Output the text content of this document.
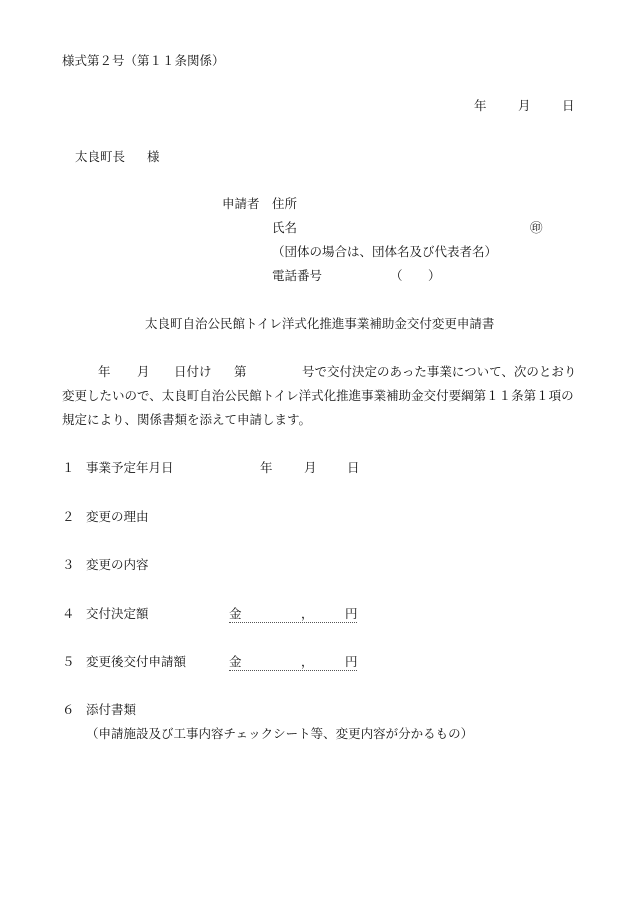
様式第２号（第１１条関係）
年	月	日
太良町長 様
申請者 住所
氏名	㊞
（団体の場合は、団体名及び代表者名）
電話番号	（ ）
太良町自治公民館トイレ洋式化推進事業補助金交付変更申請書
年 月 日付け 第	号で交付決定のあった事業について、次のとおり
変更したいので、太良町自治公民館トイレ洋式化推進事業補助金交付要綱第１１条第１項の
規定により、関係書類を添えて申請します。
１ 事業予定年月日	年	月 日
２ 変更の理由
３ 変更の内容
４ 交付決定額	金	，	円
５ 変更後交付申請額	金	，	円
６ 添付書類
（申請施設及び工事内容チェックシート等、変更内容が分かるもの）
